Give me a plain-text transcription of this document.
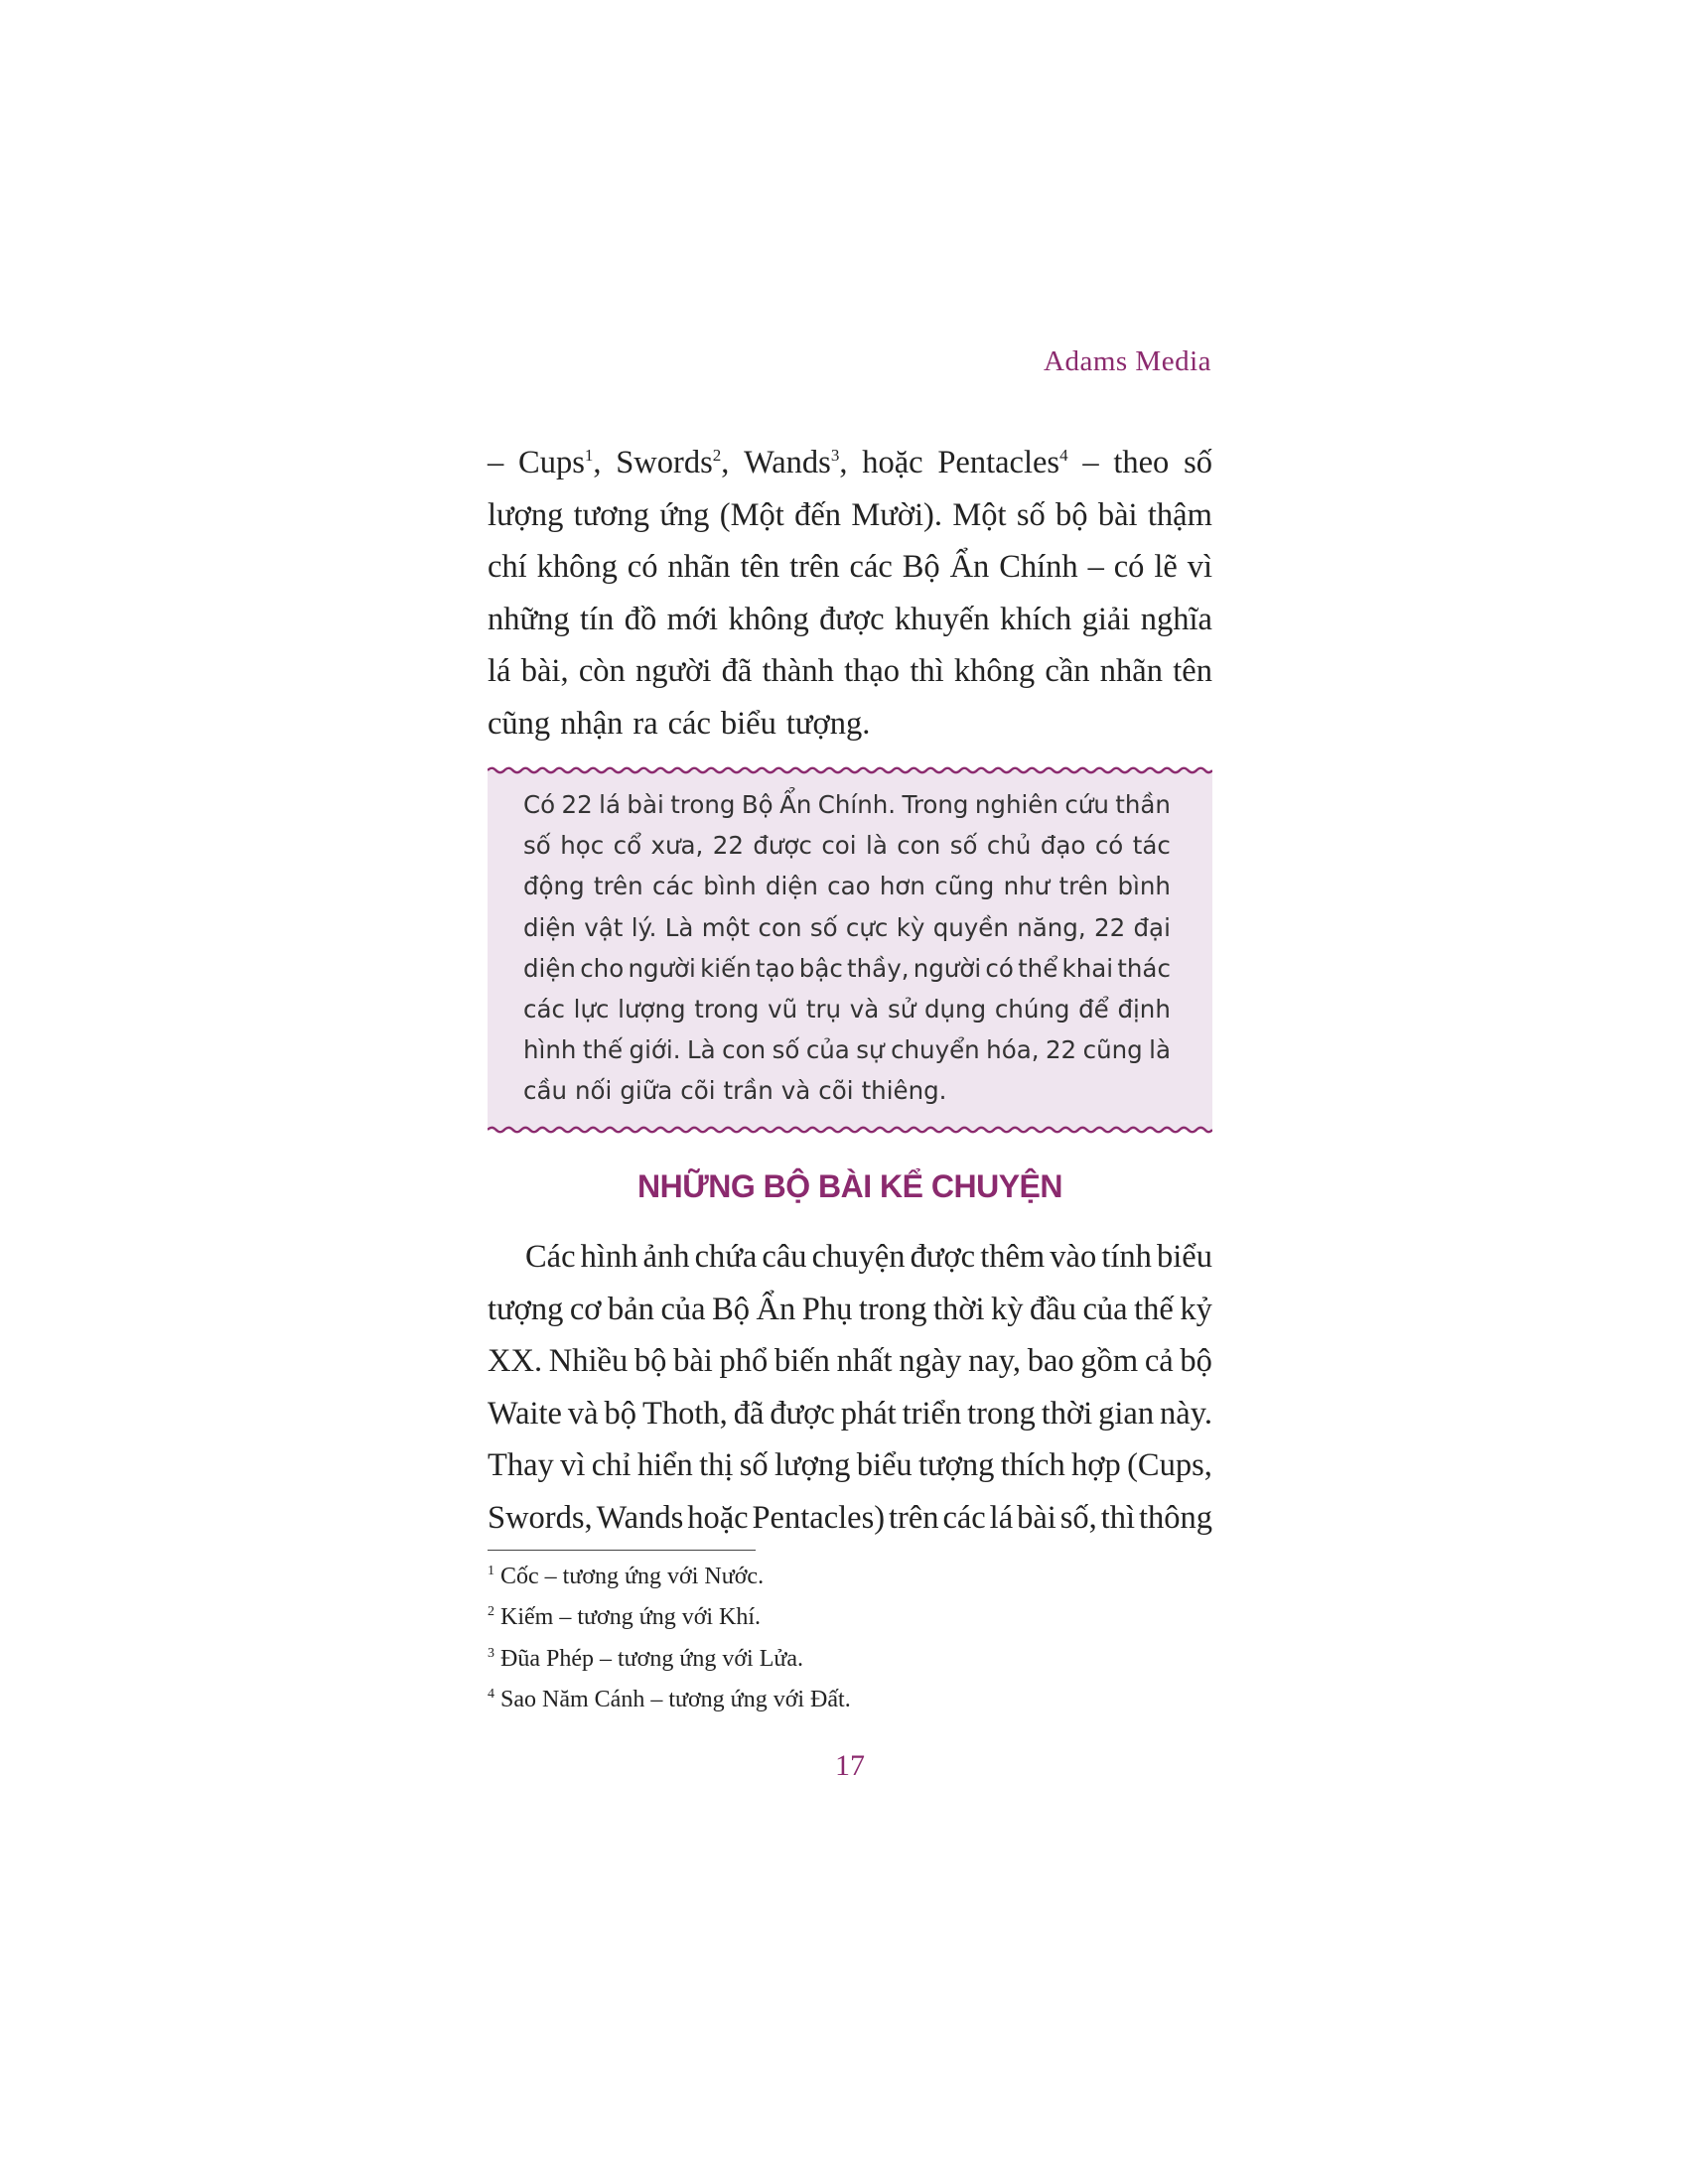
Adams Media
– Cups$^1$, Swords$^2$, Wands$^3$, hoặc Pentacles$^4$ – theo số
lượng tương ứng (Một đến Mười). Một số bộ bài thậm
chí không có nhãn tên trên các Bộ Ẩn Chính – có lẽ vì
những tín đồ mới không được khuyến khích giải nghĩa
lá bài, còn người đã thành thạo thì không cần nhãn tên
cũng nhận ra các biểu tượng.
Có 22 lá bài trong Bộ Ẩn Chính. Trong nghiên cứu thần
số học cổ xưa, 22 được coi là con số chủ đạo có tác
động trên các bình diện cao hơn cũng như trên bình
diện vật lý. Là một con số cực kỳ quyền năng, 22 đại
diện cho người kiến tạo bậc thầy, người có thể khai thác
các lực lượng trong vũ trụ và sử dụng chúng để định
hình thế giới. Là con số của sự chuyển hóa, 22 cũng là
cầu nối giữa cõi trần và cõi thiêng.
NHỮNG BỘ BÀI KỂ CHUYỆN
Các hình ảnh chứa câu chuyện được thêm vào tính biểu
tượng cơ bản của Bộ Ẩn Phụ trong thời kỳ đầu của thế kỷ
XX. Nhiều bộ bài phổ biến nhất ngày nay, bao gồm cả bộ
Waite và bộ Thoth, đã được phát triển trong thời gian này.
Thay vì chỉ hiển thị số lượng biểu tượng thích hợp (Cups,
Swords, Wands hoặc Pentacles) trên các lá bài số, thì thông
$^1$ Cốc – tương ứng với Nước.
$^2$ Kiếm – tương ứng với Khí.
$^3$ Đũa Phép – tương ứng với Lửa.
$^4$ Sao Năm Cánh – tương ứng với Đất.
17
